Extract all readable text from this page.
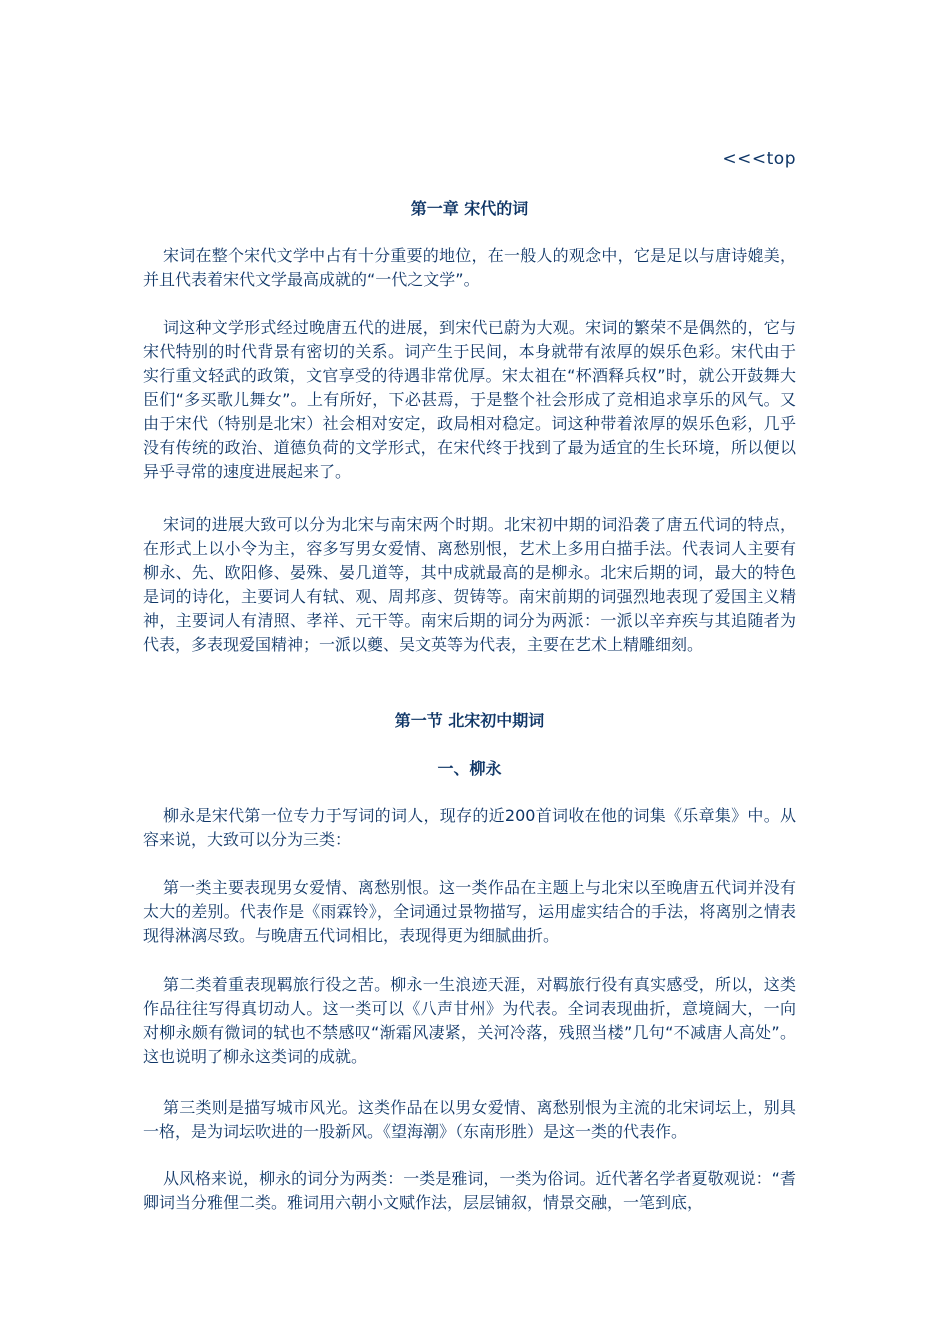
<<<top
第一章 宋代的词

宋词在整个宋代文学中占有十分重要的地位，在一般人的观念中，它是足以与唐诗媲美，并且代表着宋代文学最高成就的“一代之文学”。

词这种文学形式经过晚唐五代的进展，到宋代已蔚为大观。宋词的繁荣不是偶然的，它与宋代特别的时代背景有密切的关系。词产生于民间，本身就带有浓厚的娱乐色彩。宋代由于实行重文轻武的政策，文官享受的待遇非常优厚。宋太祖在“杯酒释兵权”时，就公开鼓舞大臣们“多买歌儿舞女”。上有所好，下必甚焉，于是整个社会形成了竞相追求享乐的风气。又由于宋代（特别是北宋）社会相对安定，政局相对稳定。词这种带着浓厚的娱乐色彩，几乎没有传统的政治、道德负荷的文学形式，在宋代终于找到了最为适宜的生长环境，所以便以异乎寻常的速度进展起来了。

宋词的进展大致可以分为北宋与南宋两个时期。北宋初中期的词沿袭了唐五代词的特点，在形式上以小令为主，容多写男女爱情、离愁别恨，艺术上多用白描手法。代表词人主要有柳永、先、欧阳修、晏殊、晏几道等，其中成就最高的是柳永。北宋后期的词，最大的特色是词的诗化，主要词人有轼、观、周邦彦、贺铸等。南宋前期的词强烈地表现了爱国主义精神，主要词人有清照、孝祥、元干等。南宋后期的词分为两派：一派以辛弃疾与其追随者为代表，多表现爱国精神；一派以夔、吴文英等为代表，主要在艺术上精雕细刻。

第一节 北宋初中期词
一、柳永

柳永是宋代第一位专力于写词的词人，现存的近200首词收在他的词集《乐章集》中。从容来说，大致可以分为三类：

第一类主要表现男女爱情、离愁别恨。这一类作品在主题上与北宋以至晚唐五代词并没有太大的差别。代表作是《雨霖铃》，全词通过景物描写，运用虚实结合的手法，将离别之情表现得淋漓尽致。与晚唐五代词相比，表现得更为细腻曲折。

第二类着重表现羁旅行役之苦。柳永一生浪迹天涯，对羁旅行役有真实感受，所以，这类作品往往写得真切动人。这一类可以《八声甘州》为代表。全词表现曲折，意境阔大，一向对柳永颇有微词的轼也不禁感叹“渐霜风凄紧，关河冷落，残照当楼”几句“不减唐人高处”。这也说明了柳永这类词的成就。

第三类则是描写城市风光。这类作品在以男女爱情、离愁别恨为主流的北宋词坛上，别具一格，是为词坛吹进的一股新风。《望海潮》（东南形胜）是这一类的代表作。

从风格来说，柳永的词分为两类：一类是雅词，一类为俗词。近代著名学者夏敬观说：“耆卿词当分雅俚二类。雅词用六朝小文赋作法，层层铺叙，情景交融，一笔到底，
